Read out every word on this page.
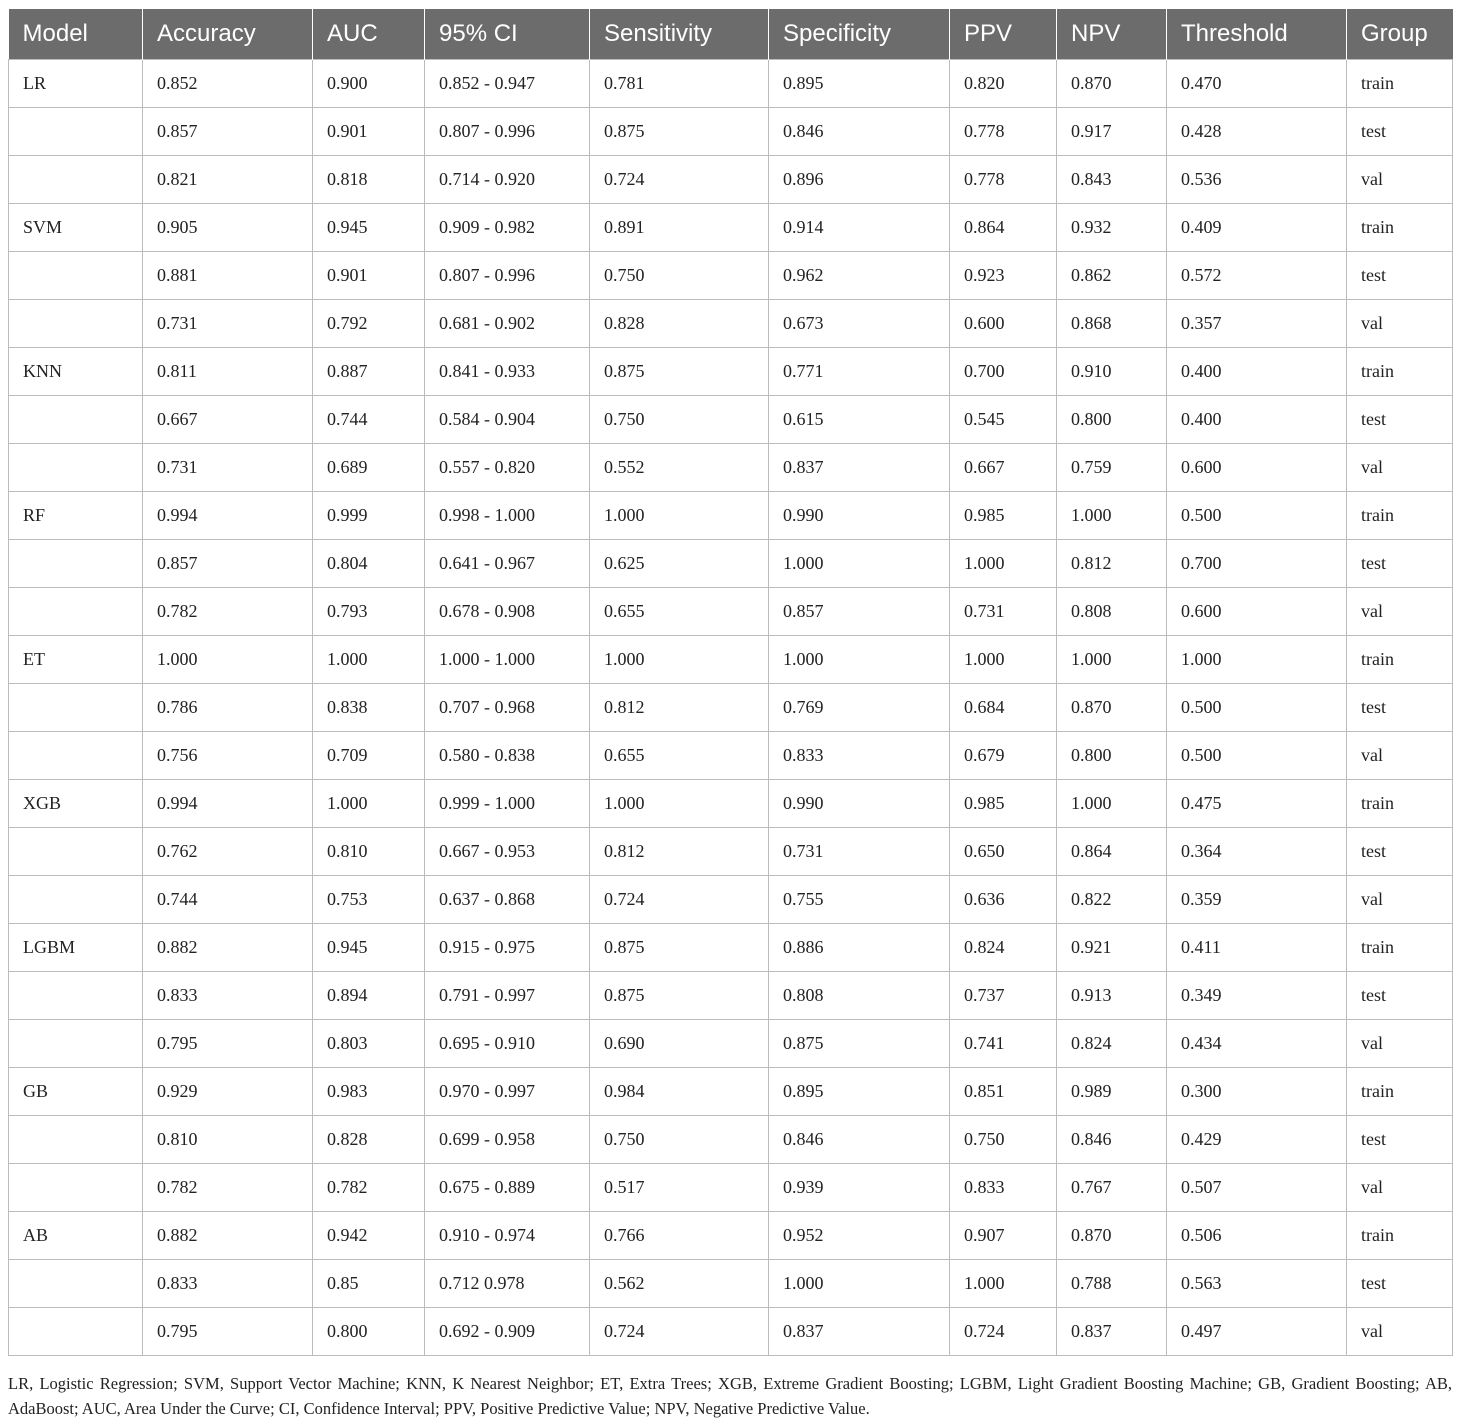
Model	Accuracy	AUC	95% CI	Sensitivity	Specificity	PPV	NPV	Threshold	Group
LR	0.852	0.900	0.852 - 0.947	0.781	0.895	0.820	0.870	0.470	train
	0.857	0.901	0.807 - 0.996	0.875	0.846	0.778	0.917	0.428	test
	0.821	0.818	0.714 - 0.920	0.724	0.896	0.778	0.843	0.536	val
SVM	0.905	0.945	0.909 - 0.982	0.891	0.914	0.864	0.932	0.409	train
	0.881	0.901	0.807 - 0.996	0.750	0.962	0.923	0.862	0.572	test
	0.731	0.792	0.681 - 0.902	0.828	0.673	0.600	0.868	0.357	val
KNN	0.811	0.887	0.841 - 0.933	0.875	0.771	0.700	0.910	0.400	train
	0.667	0.744	0.584 - 0.904	0.750	0.615	0.545	0.800	0.400	test
	0.731	0.689	0.557 - 0.820	0.552	0.837	0.667	0.759	0.600	val
RF	0.994	0.999	0.998 - 1.000	1.000	0.990	0.985	1.000	0.500	train
	0.857	0.804	0.641 - 0.967	0.625	1.000	1.000	0.812	0.700	test
	0.782	0.793	0.678 - 0.908	0.655	0.857	0.731	0.808	0.600	val
ET	1.000	1.000	1.000 - 1.000	1.000	1.000	1.000	1.000	1.000	train
	0.786	0.838	0.707 - 0.968	0.812	0.769	0.684	0.870	0.500	test
	0.756	0.709	0.580 - 0.838	0.655	0.833	0.679	0.800	0.500	val
XGB	0.994	1.000	0.999 - 1.000	1.000	0.990	0.985	1.000	0.475	train
	0.762	0.810	0.667 - 0.953	0.812	0.731	0.650	0.864	0.364	test
	0.744	0.753	0.637 - 0.868	0.724	0.755	0.636	0.822	0.359	val
LGBM	0.882	0.945	0.915 - 0.975	0.875	0.886	0.824	0.921	0.411	train
	0.833	0.894	0.791 - 0.997	0.875	0.808	0.737	0.913	0.349	test
	0.795	0.803	0.695 - 0.910	0.690	0.875	0.741	0.824	0.434	val
GB	0.929	0.983	0.970 - 0.997	0.984	0.895	0.851	0.989	0.300	train
	0.810	0.828	0.699 - 0.958	0.750	0.846	0.750	0.846	0.429	test
	0.782	0.782	0.675 - 0.889	0.517	0.939	0.833	0.767	0.507	val
AB	0.882	0.942	0.910 - 0.974	0.766	0.952	0.907	0.870	0.506	train
	0.833	0.85	0.712 0.978	0.562	1.000	1.000	0.788	0.563	test
	0.795	0.800	0.692 - 0.909	0.724	0.837	0.724	0.837	0.497	val

LR, Logistic Regression; SVM, Support Vector Machine; KNN, K Nearest Neighbor; ET, Extra Trees; XGB, Extreme Gradient Boosting; LGBM, Light Gradient Boosting Machine; GB, Gradient Boosting; AB, AdaBoost; AUC, Area Under the Curve; CI, Confidence Interval; PPV, Positive Predictive Value; NPV, Negative Predictive Value.
